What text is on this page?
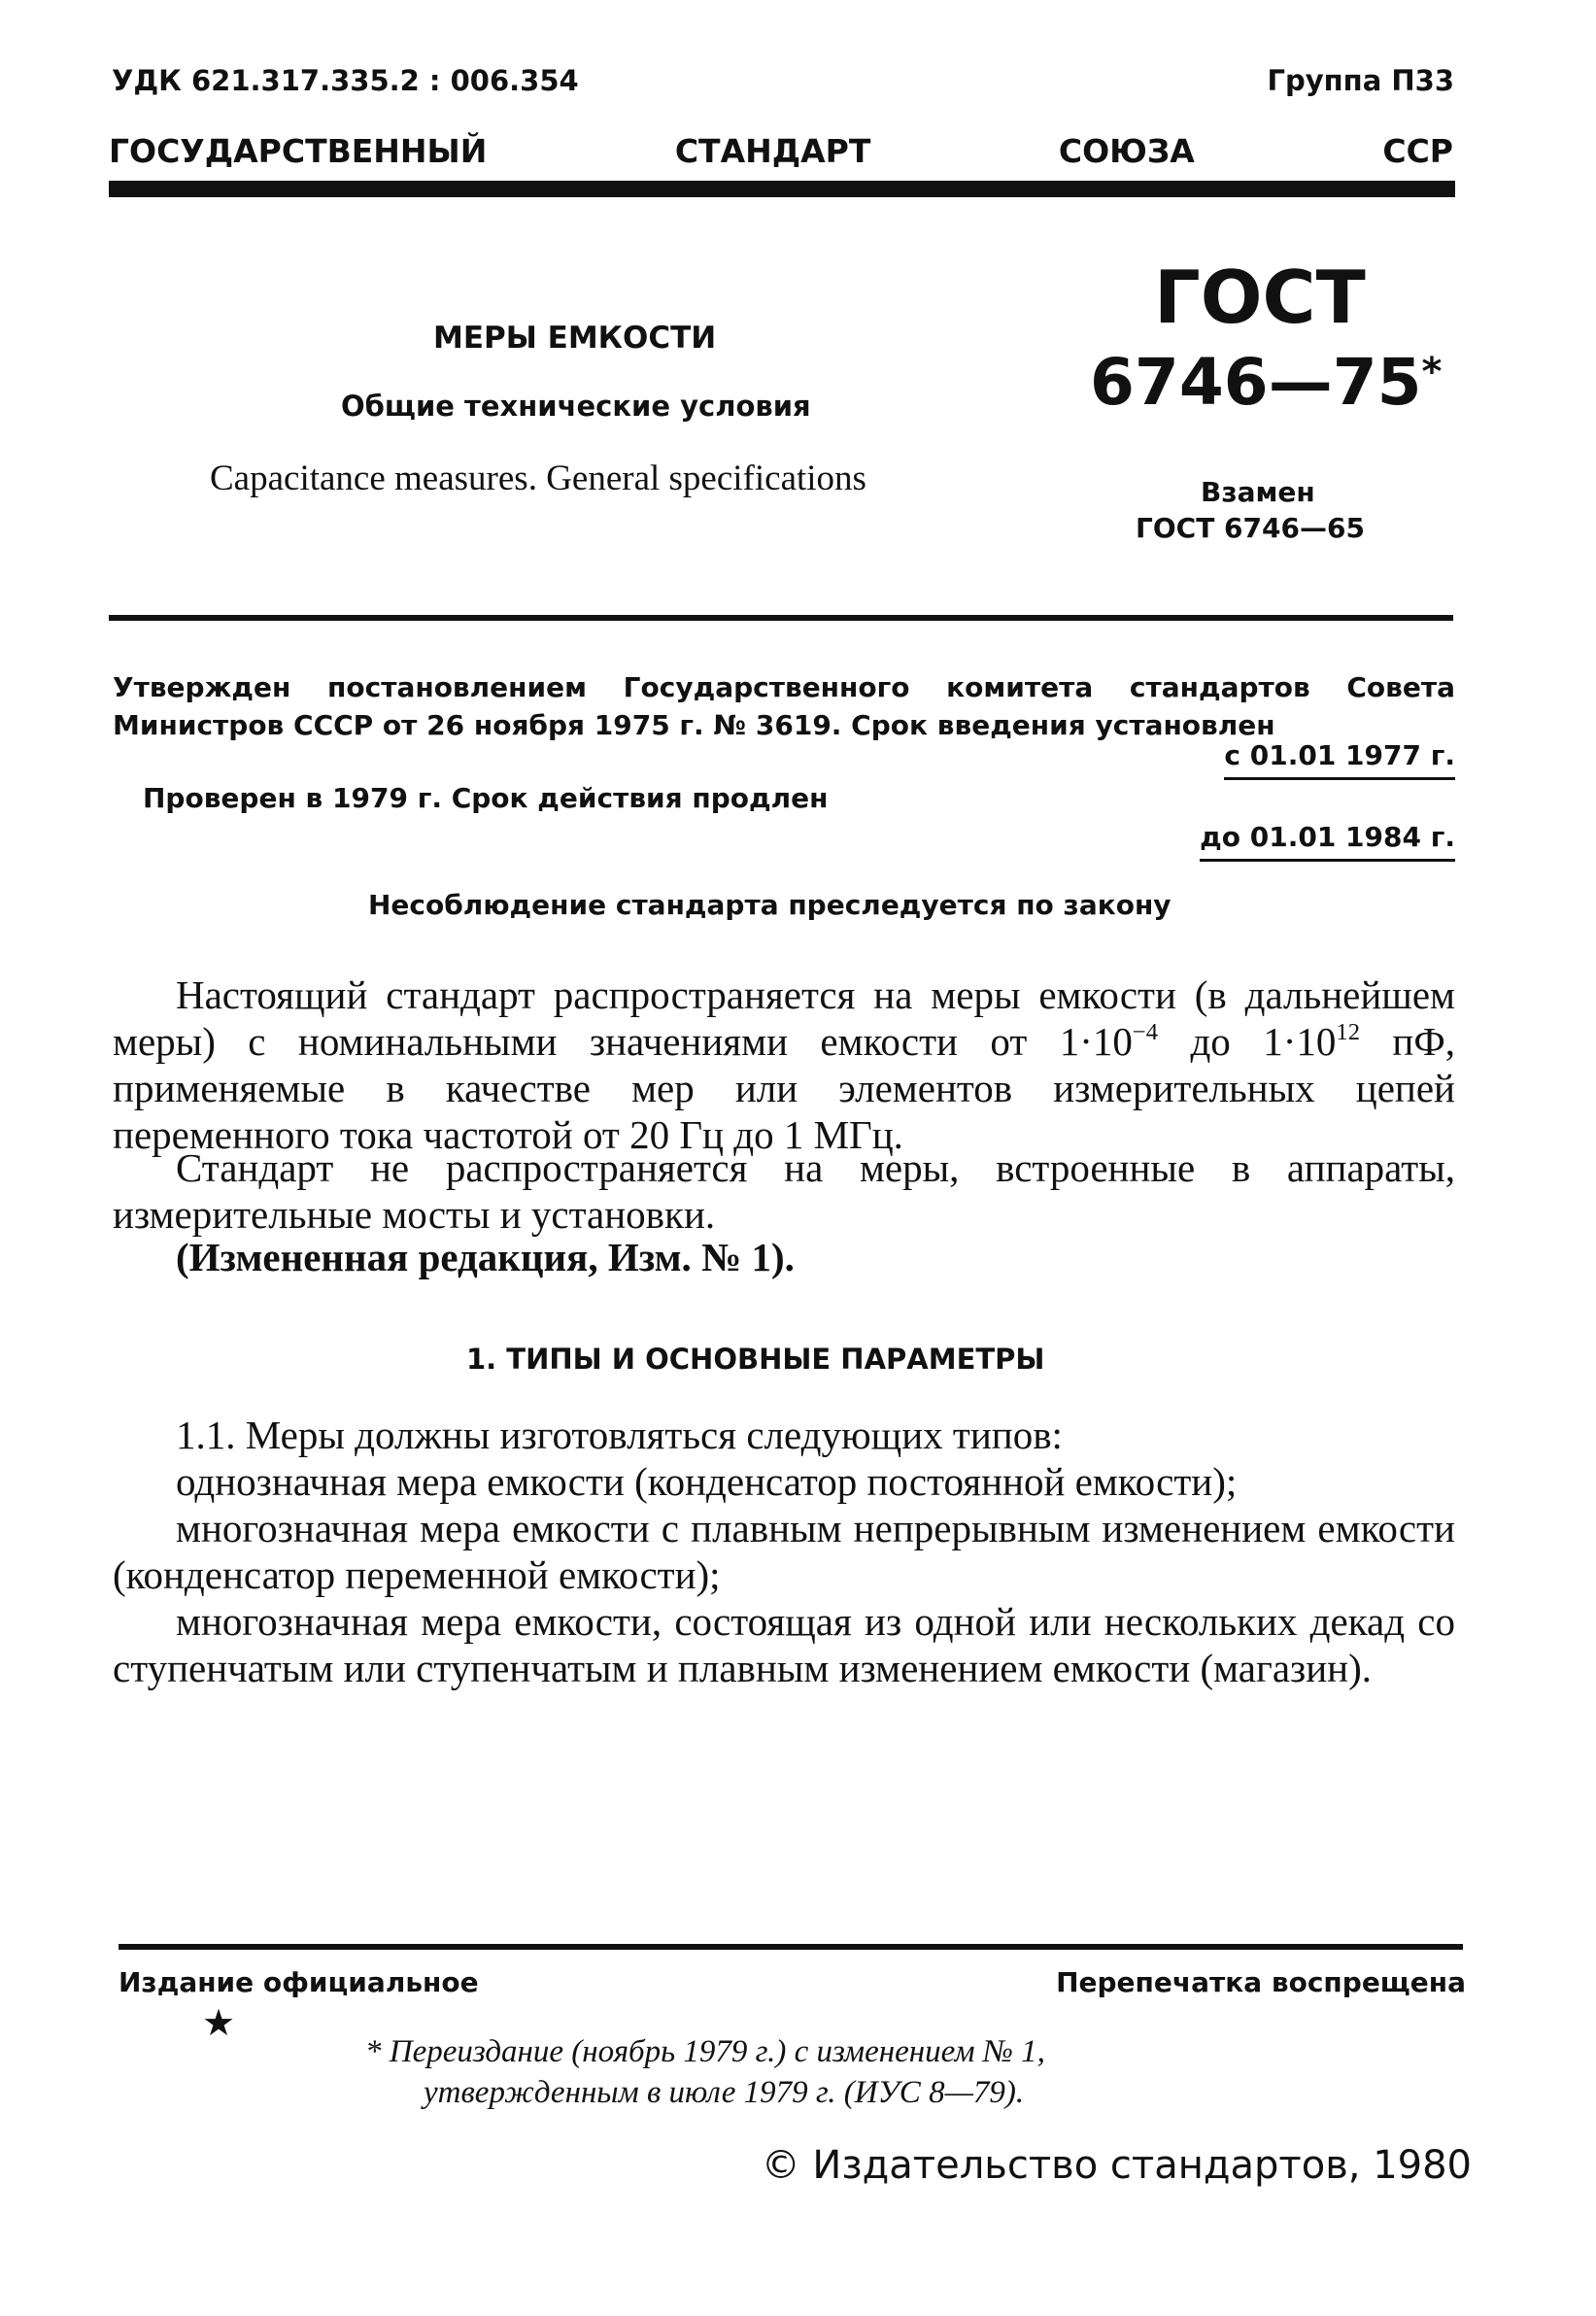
УДК 621.317.335.2 : 006.354	Группа П33
ГОСУДАРСТВЕННЫЙ	СТАНДАРТ	СОЮЗА	ССР
МЕРЫ ЕМКОСТИ
Общие технические условия
Capacitance measures. General specifications
ГОСТ
6746—75*
Взамен
ГОСТ 6746—65
Утвержден постановлением Государственного комитета стандартов Совета Министров СССР от 26 ноября 1975 г. № 3619. Срок введения установлен
с 01.01 1977 г.
Проверен в 1979 г. Срок действия продлен
до 01.01 1984 г.
Несоблюдение стандарта преследуется по закону
Настоящий стандарт распространяется на меры емкости (в дальнейшем меры) с номинальными значениями емкости от $1\cdot 10^{-4}$ до $1\cdot 10^{12}$ пФ, применяемые в качестве мер или элементов измерительных цепей переменного тока частотой от 20 Гц до 1 МГц.
Стандарт не распространяется на меры, встроенные в аппараты, измерительные мосты и установки.
(Измененная редакция, Изм. № 1).
1. ТИПЫ И ОСНОВНЫЕ ПАРАМЕТРЫ
1.1. Меры должны изготовляться следующих типов:
однозначная мера емкости (конденсатор постоянной емкости);
многозначная мера емкости с плавным непрерывным изменением емкости (конденсатор переменной емкости);
многозначная мера емкости, состоящая из одной или нескольких декад со ступенчатым или ступенчатым и плавным изменением емкости (магазин).
Издание официальное
★
Перепечатка воспрещена
* Переиздание (ноябрь 1979 г.) с изменением № 1,
утвержденным в июле 1979 г. (ИУС 8—79).
© Издательство стандартов, 1980
